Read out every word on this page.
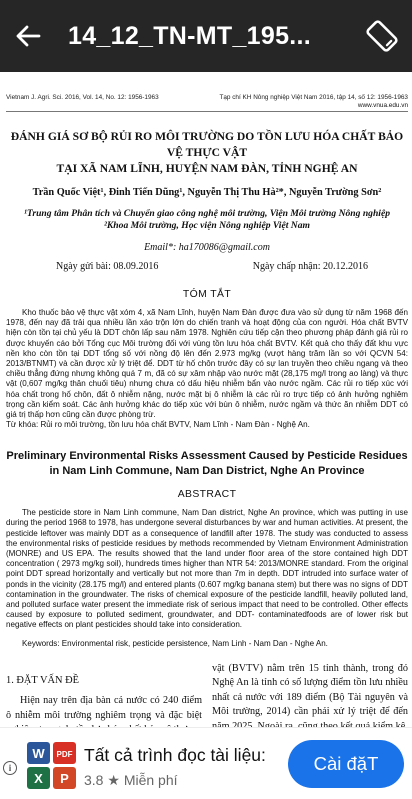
14_12_TN-MT_195...
Vietnam J. Agri. Sci. 2016, Vol. 14, No. 12: 1956-1963	Tạp chí KH Nông nghiệp Việt Nam 2016, tập 14, số 12: 1956-1963
www.vnua.edu.vn
ĐÁNH GIÁ SƠ BỘ RỦI RO MÔI TRƯỜNG DO TỒN LƯU HÓA CHẤT BẢO VỆ THỰC VẬT
TẠI XÃ NAM LĨNH, HUYỆN NAM ĐÀN, TỈNH NGHỆ AN
Trần Quốc Việt¹, Đinh Tiến Dũng¹, Nguyễn Thị Thu Hà²*, Nguyễn Trường Sơn²
¹Trung tâm Phân tích và Chuyển giao công nghệ môi trường, Viện Môi trường Nông nghiệp
²Khoa Môi trường, Học viện Nông nghiệp Việt Nam
Email*: ha170086@gmail.com
Ngày gửi bài: 08.09.2016	Ngày chấp nhận: 20.12.2016
TÓM TẮT
Kho thuốc bảo vệ thực vật xóm 4, xã Nam Lĩnh, huyện Nam Đàn được đưa vào sử dụng từ năm 1968 đến 1978, đến nay đã trải qua nhiều lần xáo trộn lớn do chiến tranh và hoạt động của con người. Hóa chất BVTV hiện còn tồn tại chủ yếu là DDT chôn lấp sau năm 1978. Nghiên cứu tiếp cận theo phương pháp đánh giá rủi ro được khuyến cáo bởi Tổng cục Môi trường đối với vùng tồn lưu hóa chất BVTV. Kết quả cho thấy đất khu vực nền kho còn tồn tại DDT tổng số với nồng độ lên đến 2.973 mg/kg (vượt hàng trăm lần so với QCVN 54: 2013/BTNMT) và cần được xử lý triệt để. DDT từ hố chôn trước đây có sự lan truyền theo chiều ngang và theo chiều thẳng đứng nhưng không quá 7 m, đã có sự xâm nhập vào nước mặt (28,175 mg/l trong ao làng) và thực vật (0,607 mg/kg thân chuối tiêu) nhưng chưa có dấu hiệu nhiễm bẩn vào nước ngầm. Các rủi ro tiếp xúc với hóa chất trong hố chôn, đất ô nhiễm nặng, nước mặt bị ô nhiễm là các rủi ro trực tiếp có ảnh hưởng nghiêm trọng cần kiểm soát. Các ảnh hưởng khác do tiếp xúc với bùn ô nhiễm, nước ngầm và thức ăn nhiễm DDT có giá trị thấp hơn cũng cần được phòng trừ.
Từ khóa: Rủi ro môi trường, tồn lưu hóa chất BVTV, Nam Lĩnh - Nam Đàn - Nghệ An.
Preliminary Environmental Risks Assessment Caused by Pesticide Residues
in Nam Linh Commune, Nam Dan District, Nghe An Province
ABSTRACT
The pesticide store in Nam Linh commune, Nam Dan district, Nghe An province, which was putting in use during the period 1968 to 1978, has undergone several disturbances by war and human activities. At present, the pesticide leftover was mainly DDT as a consequence of landfill after 1978. The study was conducted to assess the environmental risks of pesticide residues by methods recommended by Vietnam Environment Administration (MONRE) and US EPA. The results showed that the land under floor area of the store contained high DDT concentration ( 2973 mg/kg soil), hundreds times higher than NTR 54: 2013/MONRE standard. From the original point DDT spread horizontally and vertically but not more than 7m in depth. DDT intruded into surface water of ponds in the vicinity (28.175 mg/l) and entered plants (0.607 mg/kg banana stem) but there was no signs of DDT contamination in the groundwater. The risks of chemical exposure of the pesticide landfill, heavily polluted land, and polluted surface water present the immediate risk of serious impact that need to be controlled. Other effects caused by exposure to polluted sediment, groundwater, and DDT- contaminatedfoods are of lower risk but negative effects on plant pesticides should take into consideration.
Keywords: Environmental risk, pesticide persistence, Nam Linh - Nam Dan - Nghe An.
1. ĐẶT VẤN ĐỀ
Hiện nay trên địa bàn cả nước có 240 điểm ô nhiễm môi trường nghiêm trọng và đặc biệt
vật (BVTV) nằm trên 15 tỉnh thành, trong đó Nghệ An là tỉnh có số lượng điểm tồn lưu nhiều nhất cả nước với 189 điểm (Bộ Tài nguyên và Môi trường, 2014) cần phải xử lý triệt để đến
i
W PDF
X P
Tất cả trình đọc tài liệu:
3.8 ★ Miễn phí
Cài đặT
